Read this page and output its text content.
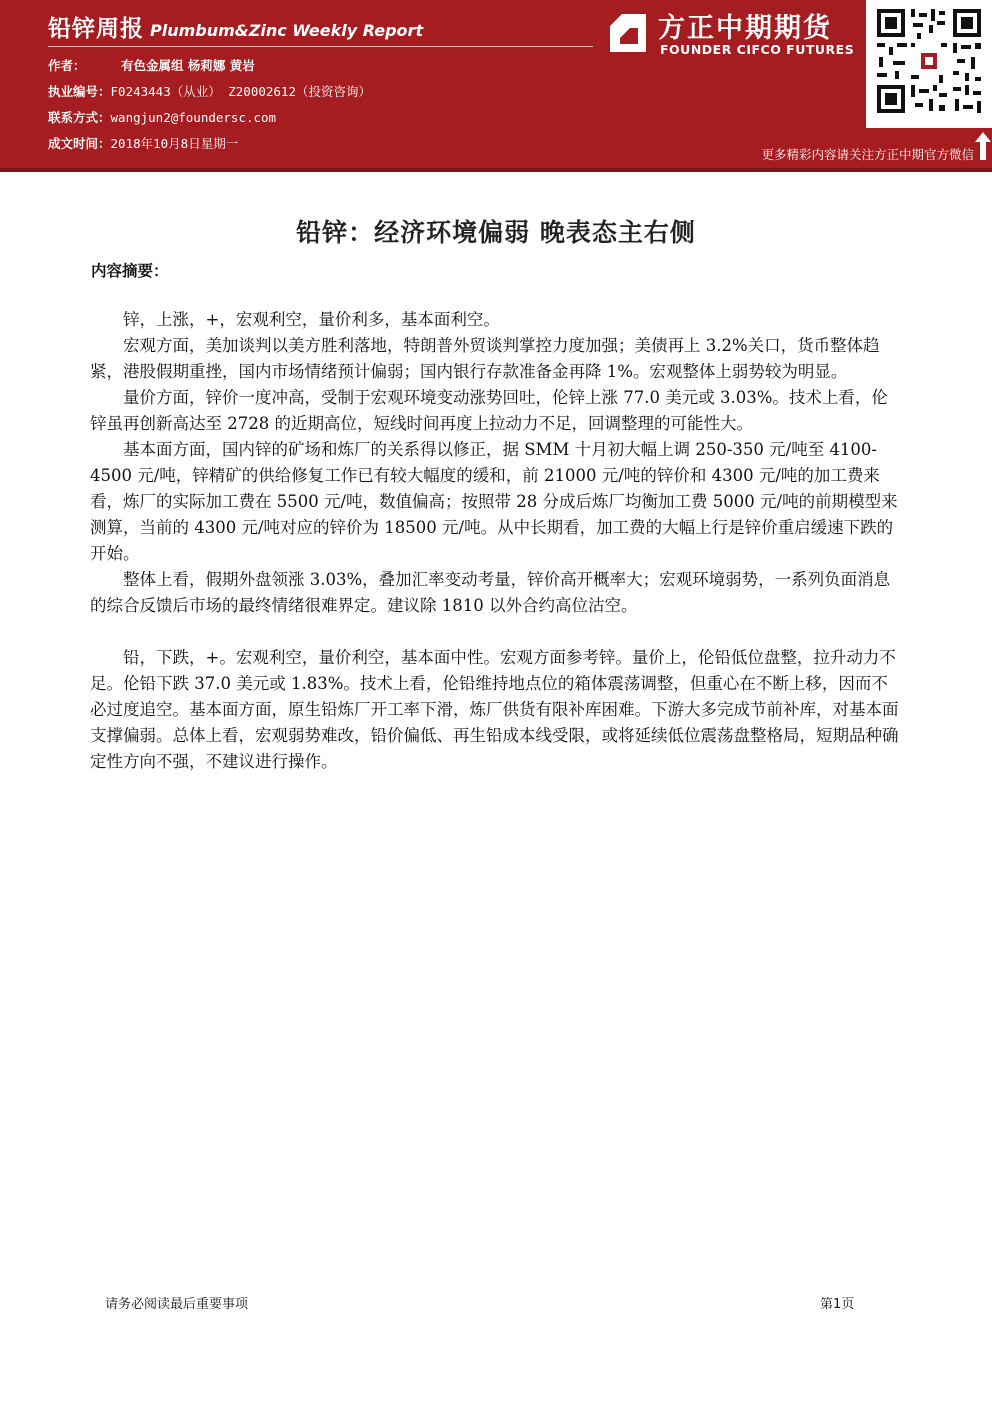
铅锌周报 Plumbum&Zinc Weekly Report
作者：	有色金属组 杨莉娜 黄岩
执业编号：F0243443（从业） Z20002612（投资咨询）
联系方式：wangjun2@foundersc.com
成文时间：2018年10月8日星期一
方正中期期货
FOUNDER CIFCO FUTURES
更多精彩内容请关注方正中期官方微信
铅锌：经济环境偏弱 晚表态主右侧
内容摘要：

锌，上涨，+，宏观利空，量价利多，基本面利空。

宏观方面，美加谈判以美方胜利落地，特朗普外贸谈判掌控力度加强；美债再上 3.2%关口，货币整体趋紧，港股假期重挫，国内市场情绪预计偏弱；国内银行存款准备金再降 1%。宏观整体上弱势较为明显。

量价方面，锌价一度冲高，受制于宏观环境变动涨势回吐，伦锌上涨 77.0 美元或 3.03%。技术上看，伦锌虽再创新高达至 2728 的近期高位，短线时间再度上拉动力不足，回调整理的可能性大。

基本面方面，国内锌的矿场和炼厂的关系得以修正，据 SMM 十月初大幅上调 250-350 元/吨至 4100-4500 元/吨，锌精矿的供给修复工作已有较大幅度的缓和，前 21000 元/吨的锌价和 4300 元/吨的加工费来看，炼厂的实际加工费在 5500 元/吨，数值偏高；按照带 28 分成后炼厂均衡加工费 5000 元/吨的前期模型来测算，当前的 4300 元/吨对应的锌价为 18500 元/吨。从中长期看，加工费的大幅上行是锌价重启缓速下跌的开始。

整体上看，假期外盘领涨 3.03%，叠加汇率变动考量，锌价高开概率大；宏观环境弱势，一系列负面消息的综合反馈后市场的最终情绪很难界定。建议除 1810 以外合约高位沽空。

铅，下跌，+。宏观利空，量价利空，基本面中性。宏观方面参考锌。量价上，伦铅低位盘整，拉升动力不足。伦铅下跌 37.0 美元或 1.83%。技术上看，伦铅维持地点位的箱体震荡调整，但重心在不断上移，因而不必过度追空。基本面方面，原生铅炼厂开工率下滑，炼厂供货有限补库困难。下游大多完成节前补库，对基本面支撑偏弱。总体上看，宏观弱势难改，铅价偏低、再生铅成本线受限，或将延续低位震荡盘整格局，短期品种确定性方向不强，不建议进行操作。

请务必阅读最后重要事项	第1页
